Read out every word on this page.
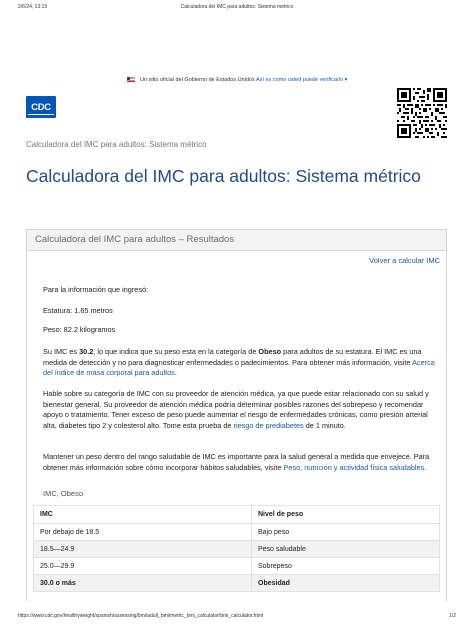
2/6/24, 13:19	Calculadora del IMC para adultos: Sistema métrico
Un sitio oficial del Gobierno de Estados Unidos Así es como usted puede verificarlo ▾
CDC
Calculadora del IMC para adultos: Sistema métrico
Calculadora del IMC para adultos: Sistema métrico
Calculadora del IMC para adultos – Resultados
Volver a calcular IMC

Para la información que ingresó:

Estatura: 1.65 metros

Peso: 82.2 kilogramos

Su IMC es 30.2, lo que indica que su peso esta en la categoría de Obeso para adultos de su estatura. El IMC es una medida de detección y no para diagnosticar enfermedades o padecimientos. Para obtener más información, visite Acerca del índice de masa corporal para adultos.

Hable sobre su categoría de IMC con su proveedor de atención médica, ya que puede estar relacionado con su salud y bienestar general. Su proveedor de atención médica podría determinar posibles razones del sobrepeso y recomendar apoyo o tratamiento. Tener exceso de peso puede aumentar el riesgo de enfermedades crónicas, como presión arterial alta, diabetes tipo 2 y colesterol alto. Tome esta prueba de riesgo de prediabetes de 1 minuto.

Mantener un peso dentro del rango saludable de IMC es importante para la salud general a medida que envejece. Para obtener más información sobre cómo incorporar hábitos saludables, visite Peso, nutrición y actividad física saludables.

IMC, Obeso
IMC	Nivel de peso
Por debajo de 18.5	Bajo peso
18.5—24.9	Peso saludable
25.0—29.9	Sobrepeso
30.0 o más	Obesidad
https://www.cdc.gov/healthyweight/spanish/assessing/bmi/adult_bmi/metric_bmi_calculator/bmi_calculator.html	1/2
